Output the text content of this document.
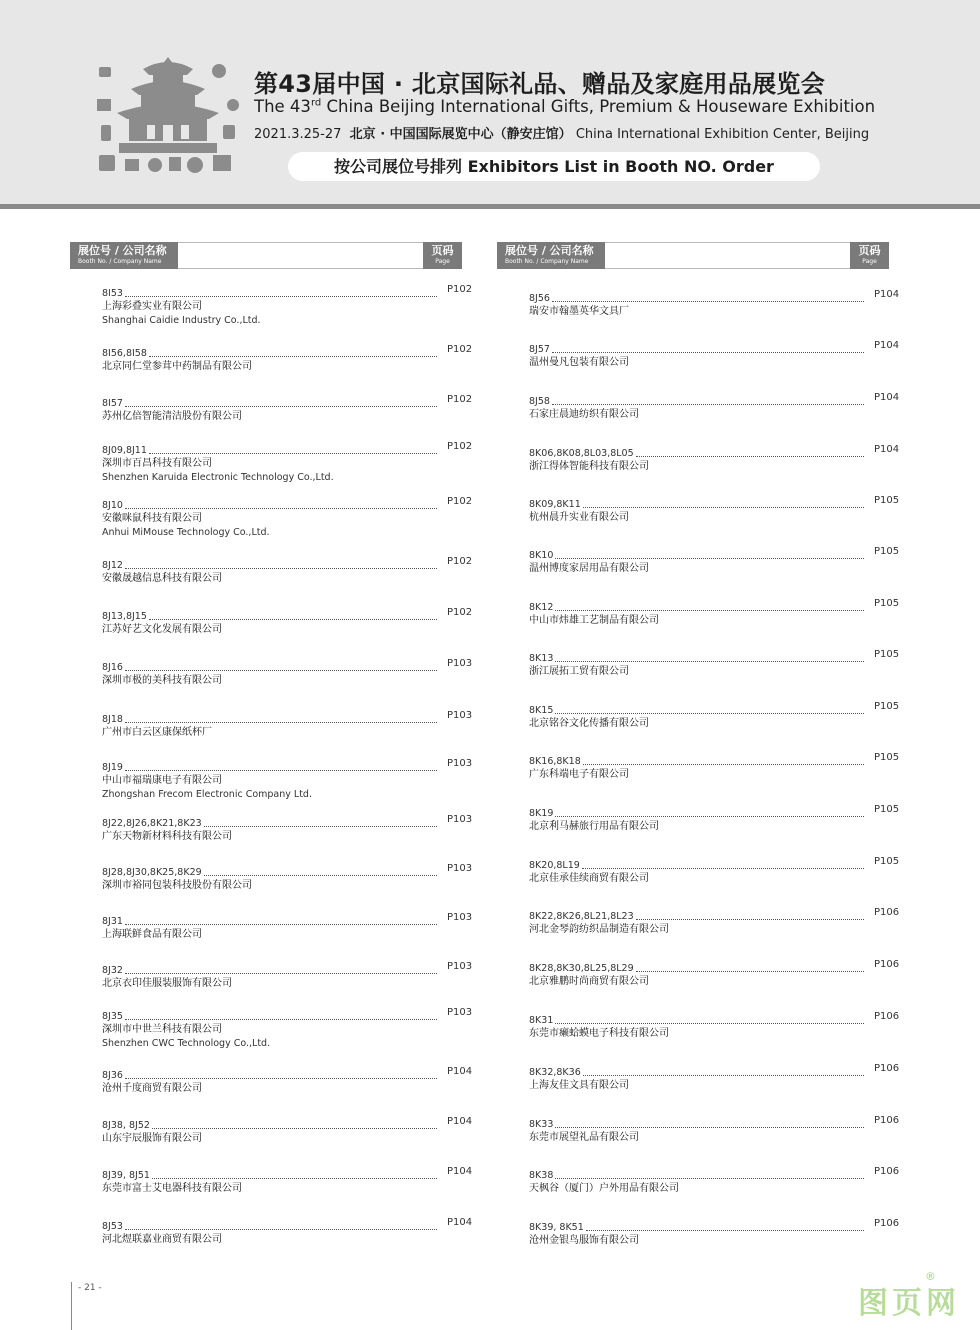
第43届中国 · 北京国际礼品、赠品及家庭用品展览会
The 43rd China Beijing International Gifts, Premium & Houseware Exhibition
2021.3.25-27 北京 · 中国国际展览中心（静安庄馆） China International Exhibition Center, Beijing
按公司展位号排列 Exhibitors List in Booth NO. Order
展位号 / 公司名称
Booth No. / Company Name
页码
Page
展位号 / 公司名称
Booth No. / Company Name
页码
Page
8I53	P102
上海彩叠实业有限公司
Shanghai Caidie Industry Co.,Ltd.
8I56,8I58	P102
北京同仁堂参茸中药制品有限公司
8I57	P102
苏州亿倍智能清洁股份有限公司
8J09,8J11	P102
深圳市百昌科技有限公司
Shenzhen Karuida Electronic Technology Co.,Ltd.
8J10	P102
安徽咪鼠科技有限公司
Anhui MiMouse Technology Co.,Ltd.
8J12	P102
安徽晟越信息科技有限公司
8J13,8J15	P102
江苏好艺文化发展有限公司
8J16	P103
深圳市极的美科技有限公司
8J18	P103
广州市白云区康保纸杯厂
8J19	P103
中山市福瑞康电子有限公司
Zhongshan Frecom Electronic Company Ltd.
8J22,8J26,8K21,8K23	P103
广东天物新材料科技有限公司
8J28,8J30,8K25,8K29	P103
深圳市裕同包装科技股份有限公司
8J31	P103
上海联鲜食品有限公司
8J32	P103
北京衣印佳服装服饰有限公司
8J35	P103
深圳市中世兰科技有限公司
Shenzhen CWC Technology Co.,Ltd.
8J36	P104
沧州千度商贸有限公司
8J38, 8J52	P104
山东宇辰服饰有限公司
8J39, 8J51	P104
东莞市富士艾电器科技有限公司
8J53	P104
河北煜联嘉业商贸有限公司
8J56	P104
瑞安市翰墨英华文具厂
8J57	P104
温州曼凡包装有限公司
8J58	P104
石家庄晨迪纺织有限公司
8K06,8K08,8L03,8L05	P104
浙江得体智能科技有限公司
8K09,8K11	P105
杭州晨升实业有限公司
8K10	P105
温州博度家居用品有限公司
8K12	P105
中山市炜雄工艺制品有限公司
8K13	P105
浙江展拓工贸有限公司
8K15	P105
北京铭谷文化传播有限公司
8K16,8K18	P105
广东科端电子有限公司
8K19	P105
北京利马赫旅行用品有限公司
8K20,8L19	P105
北京佳承佳续商贸有限公司
8K22,8K26,8L21,8L23	P106
河北金琴韵纺织品制造有限公司
8K28,8K30,8L25,8L29	P106
北京雅鹏时尚商贸有限公司
8K31	P106
东莞市癞蛤蟆电子科技有限公司
8K32,8K36	P106
上海友佳文具有限公司
8K33	P106
东莞市展望礼品有限公司
8K38	P106
天枫谷（厦门）户外用品有限公司
8K39, 8K51	P106
沧州金银鸟服饰有限公司
- 21 -	图页网
®
